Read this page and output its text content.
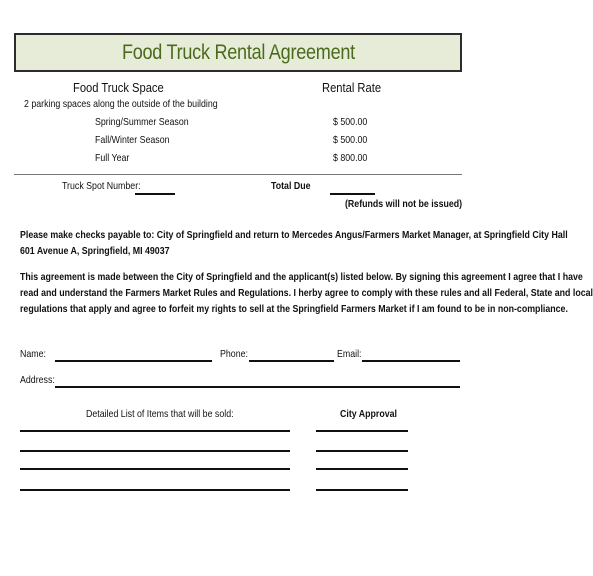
Food Truck Rental Agreement
Food Truck Space	Rental Rate
2 parking spaces along the outside of the building
Spring/Summer Season	$ 500.00
Fall/Winter Season	$ 500.00
Full Year	$ 800.00
Truck Spot Number:	Total Due
(Refunds will not be issued)
Please make checks payable to: City of Springfield and return to Mercedes Angus/Farmers Market Manager, at Springfield City Hall
601 Avenue A, Springfield, MI 49037
This agreement is made between the City of Springfield and the applicant(s) listed below. By signing this agreement I agree that I have
read and understand the Farmers Market Rules and Regulations. I herby agree to comply with these rules and all Federal, State and local
regulations that apply and agree to forfeit my rights to sell at the Springfield Farmers Market if I am found to be in non-compliance.
Name:	Phone:	Email:
Address:
Detailed List of Items that will be sold:	City Approval
